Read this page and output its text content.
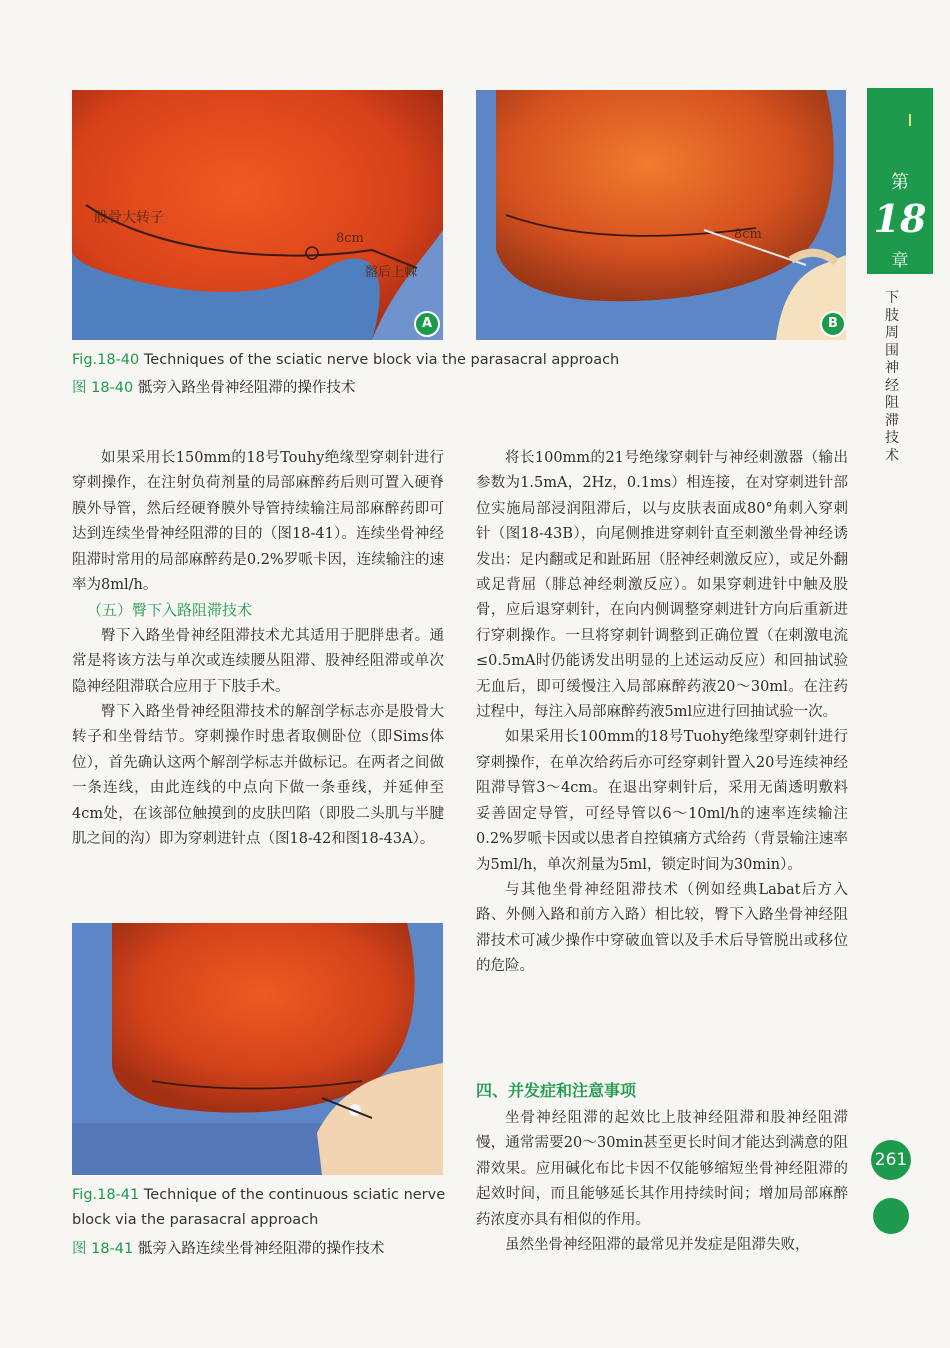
股骨大转子
8cm
髂后上棘
A
8cm
B
Fig.18-40 Techniques of the sciatic nerve block via the parasacral approach
图 18-40 骶旁入路坐骨神经阻滞的操作技术

如果采用长150mm的18号Touhy绝缘型穿刺针进行穿刺操作，在注射负荷剂量的局部麻醉药后则可置入硬脊膜外导管，然后经硬脊膜外导管持续输注局部麻醉药即可达到连续坐骨神经阻滞的目的（图18-41）。连续坐骨神经阻滞时常用的局部麻醉药是0.2%罗哌卡因，连续输注的速率为8ml/h。

（五）臀下入路阻滞技术

臀下入路坐骨神经阻滞技术尤其适用于肥胖患者。通常是将该方法与单次或连续腰丛阻滞、股神经阻滞或单次隐神经阻滞联合应用于下肢手术。

臀下入路坐骨神经阻滞技术的解剖学标志亦是股骨大转子和坐骨结节。穿刺操作时患者取侧卧位（即Sims体位），首先确认这两个解剖学标志并做标记。在两者之间做一条连线，由此连线的中点向下做一条垂线，并延伸至4cm处，在该部位触摸到的皮肤凹陷（即股二头肌与半腱肌之间的沟）即为穿刺进针点（图18-42和图18-43A）。

Fig.18-41 Technique of the continuous sciatic nerve
block via the parasacral approach
图 18-41 骶旁入路连续坐骨神经阻滞的操作技术

将长100mm的21号绝缘穿刺针与神经刺激器（输出参数为1.5mA，2Hz，0.1ms）相连接，在对穿刺进针部位实施局部浸润阻滞后，以与皮肤表面成80°角刺入穿刺针（图18-43B），向尾侧推进穿刺针直至刺激坐骨神经诱发出：足内翻或足和趾跖屈（胫神经刺激反应），或足外翻或足背屈（腓总神经刺激反应）。如果穿刺进针中触及股骨，应后退穿刺针，在向内侧调整穿刺进针方向后重新进行穿刺操作。一旦将穿刺针调整到正确位置（在刺激电流≤0.5mA时仍能诱发出明显的上述运动反应）和回抽试验无血后，即可缓慢注入局部麻醉药液20～30ml。在注药过程中，每注入局部麻醉药液5ml应进行回抽试验一次。

如果采用长100mm的18号Tuohy绝缘型穿刺针进行穿刺操作，在单次给药后亦可经穿刺针置入20号连续神经阻滞导管3～4cm。在退出穿刺针后，采用无菌透明敷料妥善固定导管，可经导管以6～10ml/h的速率连续输注0.2%罗哌卡因或以患者自控镇痛方式给药（背景输注速率为5ml/h，单次剂量为5ml，锁定时间为30min）。

与其他坐骨神经阻滞技术（例如经典Labat后方入路、外侧入路和前方入路）相比较，臀下入路坐骨神经阻滞技术可减少操作中穿破血管以及手术后导管脱出或移位的危险。

四、并发症和注意事项

坐骨神经阻滞的起效比上肢神经阻滞和股神经阻滞慢，通常需要20～30min甚至更长时间才能达到满意的阻滞效果。应用碱化布比卡因不仅能够缩短坐骨神经阻滞的起效时间，而且能够延长其作用持续时间；增加局部麻醉药浓度亦具有相似的作用。

虽然坐骨神经阻滞的最常见并发症是阻滞失败，

第
18
章
下肢周围神经阻滞技术
261
